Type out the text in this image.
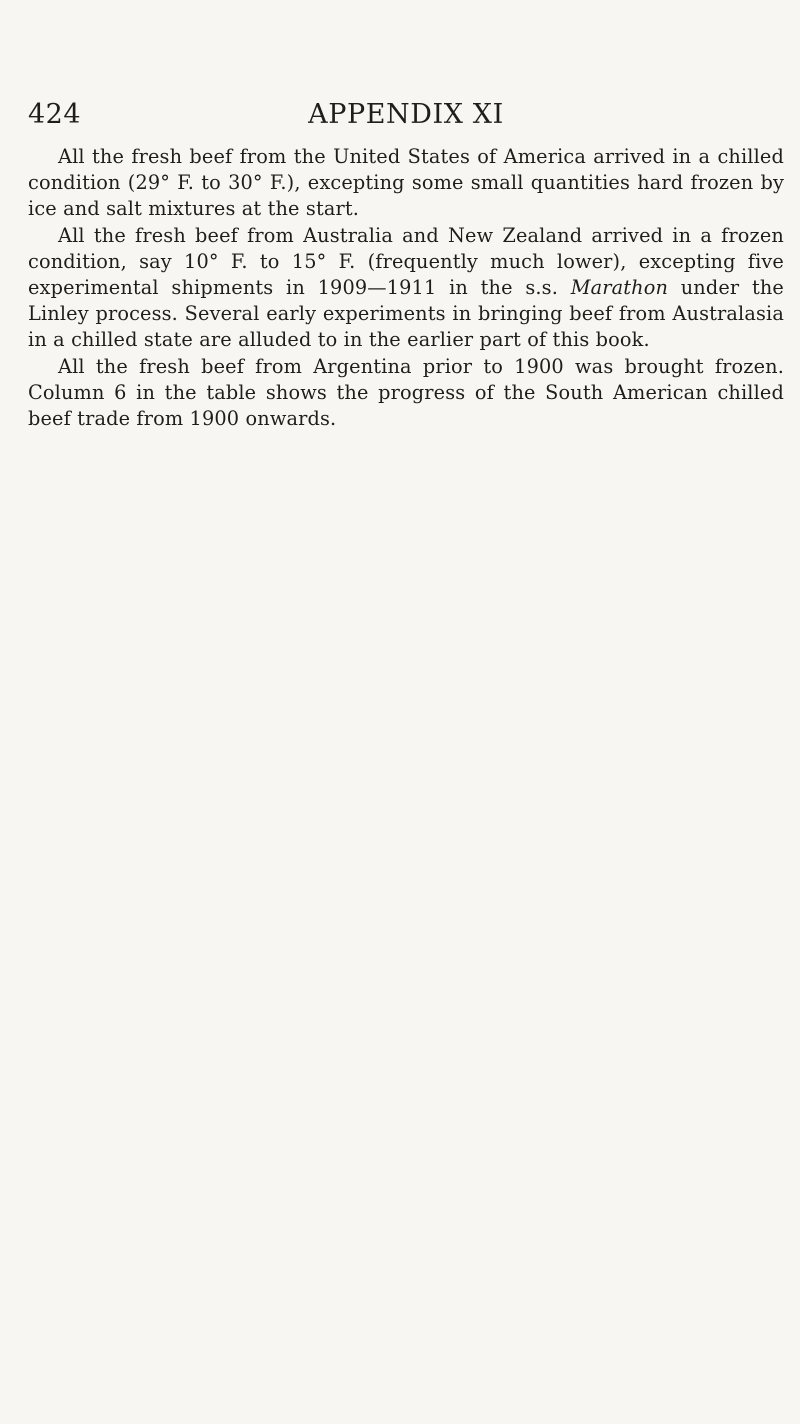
424	APPENDIX XI

All the fresh beef from the United States of America arrived in a chilled condition (29° F. to 30° F.), excepting some small quantities hard frozen by ice and salt mixtures at the start.

All the fresh beef from Australia and New Zealand arrived in a frozen condition, say 10° F. to 15° F. (frequently much lower), excepting five experimental shipments in 1909—1911 in the s.s. Marathon under the Linley process. Several early experiments in bringing beef from Australasia in a chilled state are alluded to in the earlier part of this book.

All the fresh beef from Argentina prior to 1900 was brought frozen. Column 6 in the table shows the progress of the South American chilled beef trade from 1900 onwards.
